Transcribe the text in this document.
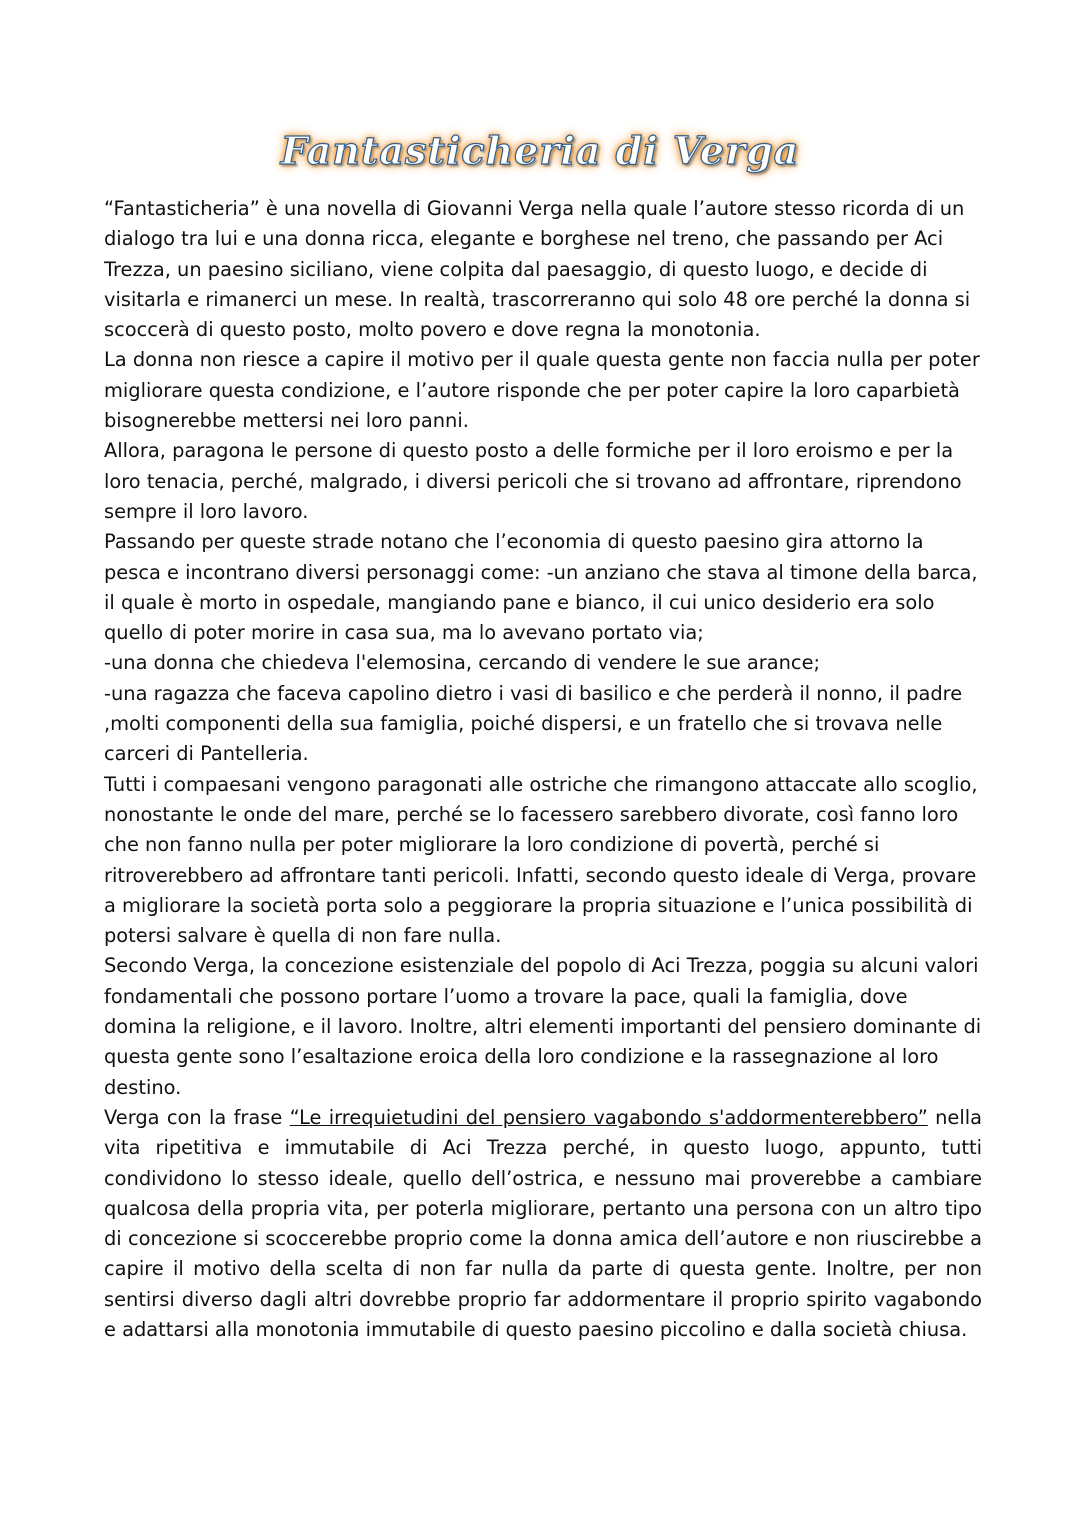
Fantasticheria di Verga

“Fantasticheria” è una novella di Giovanni Verga nella quale l’autore stesso ricorda di un dialogo tra lui e una donna ricca, elegante e borghese nel treno, che passando per Aci Trezza, un paesino siciliano, viene colpita dal paesaggio, di questo luogo, e decide di visitarla e rimanerci un mese. In realtà, trascorreranno qui solo 48 ore perché la donna si scoccerà di questo posto, molto povero e dove regna la monotonia.

La donna non riesce a capire il motivo per il quale questa gente non faccia nulla per poter migliorare questa condizione, e l’autore risponde che per poter capire la loro caparbietà bisognerebbe mettersi nei loro panni.

Allora, paragona le persone di questo posto a delle formiche per il loro eroismo e per la loro tenacia, perché, malgrado, i diversi pericoli che si trovano ad affrontare, riprendono sempre il loro lavoro.

Passando per queste strade notano che l’economia di questo paesino gira attorno la pesca e incontrano diversi personaggi come: -un anziano che stava al timone della barca, il quale è morto in ospedale, mangiando pane e bianco, il cui unico desiderio era solo quello di poter morire in casa sua, ma lo avevano portato via;

-una donna che chiedeva l'elemosina, cercando di vendere le sue arance;

-una ragazza che faceva capolino dietro i vasi di basilico e che perderà il nonno, il padre ,molti componenti della sua famiglia, poiché dispersi, e un fratello che si trovava nelle carceri di Pantelleria.

Tutti i compaesani vengono paragonati alle ostriche che rimangono attaccate allo scoglio, nonostante le onde del mare, perché se lo facessero sarebbero divorate, così fanno loro che non fanno nulla per poter migliorare la loro condizione di povertà, perché si ritroverebbero ad affrontare tanti pericoli. Infatti, secondo questo ideale di Verga, provare a migliorare la società porta solo a peggiorare la propria situazione e l’unica possibilità di potersi salvare è quella di non fare nulla.

Secondo Verga, la concezione esistenziale del popolo di Aci Trezza, poggia su alcuni valori fondamentali che possono portare l’uomo a trovare la pace, quali la famiglia, dove domina la religione, e il lavoro. Inoltre, altri elementi importanti del pensiero dominante di questa gente sono l’esaltazione eroica della loro condizione e la rassegnazione al loro destino.

Verga con la frase “Le irrequietudini del pensiero vagabondo s'addormenterebbero” nella vita ripetitiva e immutabile di Aci Trezza perché, in questo luogo, appunto, tutti condividono lo stesso ideale, quello dell’ostrica, e nessuno mai proverebbe a cambiare qualcosa della propria vita, per poterla migliorare, pertanto una persona con un altro tipo di concezione si scoccerebbe proprio come la donna amica dell’autore e non riuscirebbe a capire il motivo della scelta di non far nulla da parte di questa gente. Inoltre, per non sentirsi diverso dagli altri dovrebbe proprio far addormentare il proprio spirito vagabondo e adattarsi alla monotonia immutabile di questo paesino piccolino e dalla società chiusa.
